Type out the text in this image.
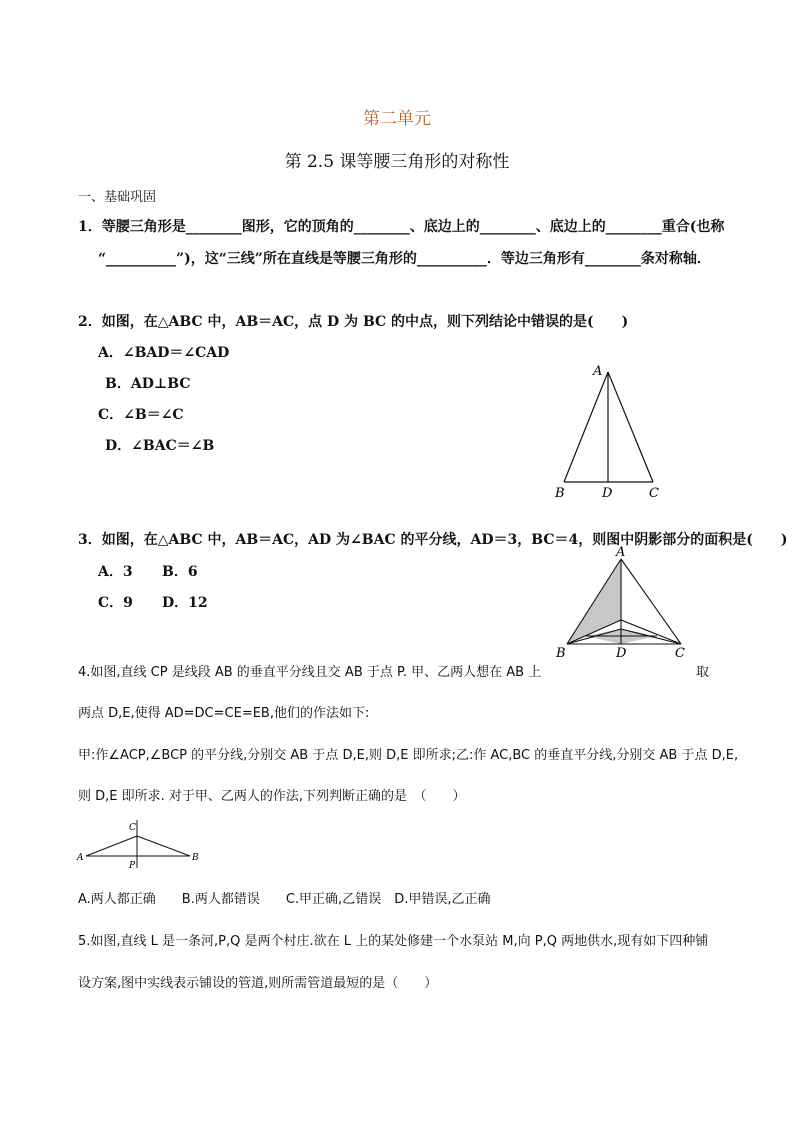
第二单元
第 2.5 课等腰三角形的对称性
一、基础巩固
1．等腰三角形是________图形，它的顶角的________、底边上的________、底边上的________重合(也称
“__________”)，这“三线”所在直线是等腰三角形的__________．等边三角形有________条对称轴．
2．如图，在△ABC 中，AB＝AC，点 D 为 BC 的中点，则下列结论中错误的是(　　)
A．∠BAD＝∠CAD
B．AD⊥BC
C．∠B＝∠C
D．∠BAC＝∠B
A
B	D	C
3．如图，在△ABC 中，AB＝AC，AD 为∠BAC 的平分线，AD＝3，BC＝4，则图中阴影部分的面积是(　　)
A．3 B．6
C．9 D．12
A
B	D	C
4.如图,直线 CP 是线段 AB 的垂直平分线且交 AB 于点 P. 甲、乙两人想在 AB 上	取
两点 D,E,使得 AD=DC=CE=EB,他们的作法如下:
甲:作∠ACP,∠BCP 的平分线,分别交 AB 于点 D,E,则 D,E 即所求;乙:作 AC,BC 的垂直平分线,分别交 AB 于点 D,E,
则 D,E 即所求. 对于甲、乙两人的作法,下列判断正确的是　（　　）
C
A	B
P
A.两人都正确　　B.两人都错误　　C.甲正确,乙错误　D.甲错误,乙正确
5.如图,直线 L 是一条河,P,Q 是两个村庄.欲在 L 上的某处修建一个水泵站 M,向 P,Q 两地供水,现有如下四种铺
设方案,图中实线表示铺设的管道,则所需管道最短的是（　　）
